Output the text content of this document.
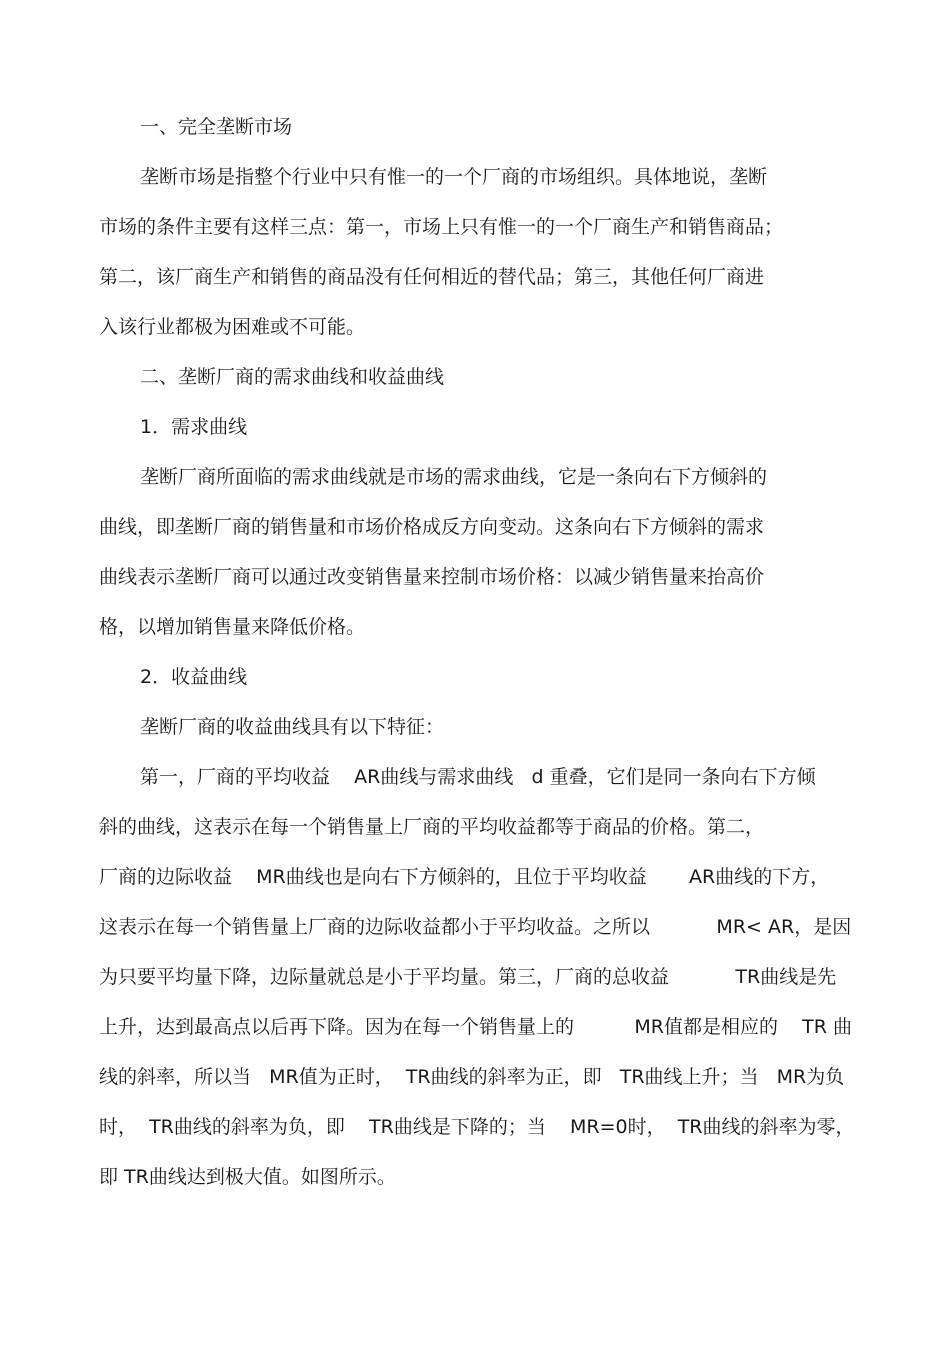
一、完全垄断市场

垄断市场是指整个行业中只有惟一的一个厂商的市场组织。具体地说，垄断

市场的条件主要有这样三点：第一，市场上只有惟一的一个厂商生产和销售商品；

第二，该厂商生产和销售的商品没有任何相近的替代品；第三，其他任何厂商进

入该行业都极为困难或不可能。

二、垄断厂商的需求曲线和收益曲线

1．需求曲线

垄断厂商所面临的需求曲线就是市场的需求曲线，它是一条向右下方倾斜的

曲线，即垄断厂商的销售量和市场价格成反方向变动。这条向右下方倾斜的需求

曲线表示垄断厂商可以通过改变销售量来控制市场价格：以减少销售量来抬高价

格，以增加销售量来降低价格。

2．收益曲线

垄断厂商的收益曲线具有以下特征：

第一，厂商的平均收益    AR曲线与需求曲线   d 重叠，它们是同一条向右下方倾

斜的曲线，这表示在每一个销售量上厂商的平均收益都等于商品的价格。第二，

厂商的边际收益    MR曲线也是向右下方倾斜的，且位于平均收益       AR曲线的下方，

这表示在每一个销售量上厂商的边际收益都小于平均收益。之所以           MR< AR，是因

为只要平均量下降，边际量就总是小于平均量。第三，厂商的总收益           TR曲线是先

上升，达到最高点以后再下降。因为在每一个销售量上的          MR值都是相应的    TR 曲

线的斜率，所以当   MR值为正时，  TR曲线的斜率为正，即   TR曲线上升；当   MR为负

时，  TR曲线的斜率为负，即    TR曲线是下降的；当    MR=0时，  TR曲线的斜率为零，

即 TR曲线达到极大值。如图所示。
